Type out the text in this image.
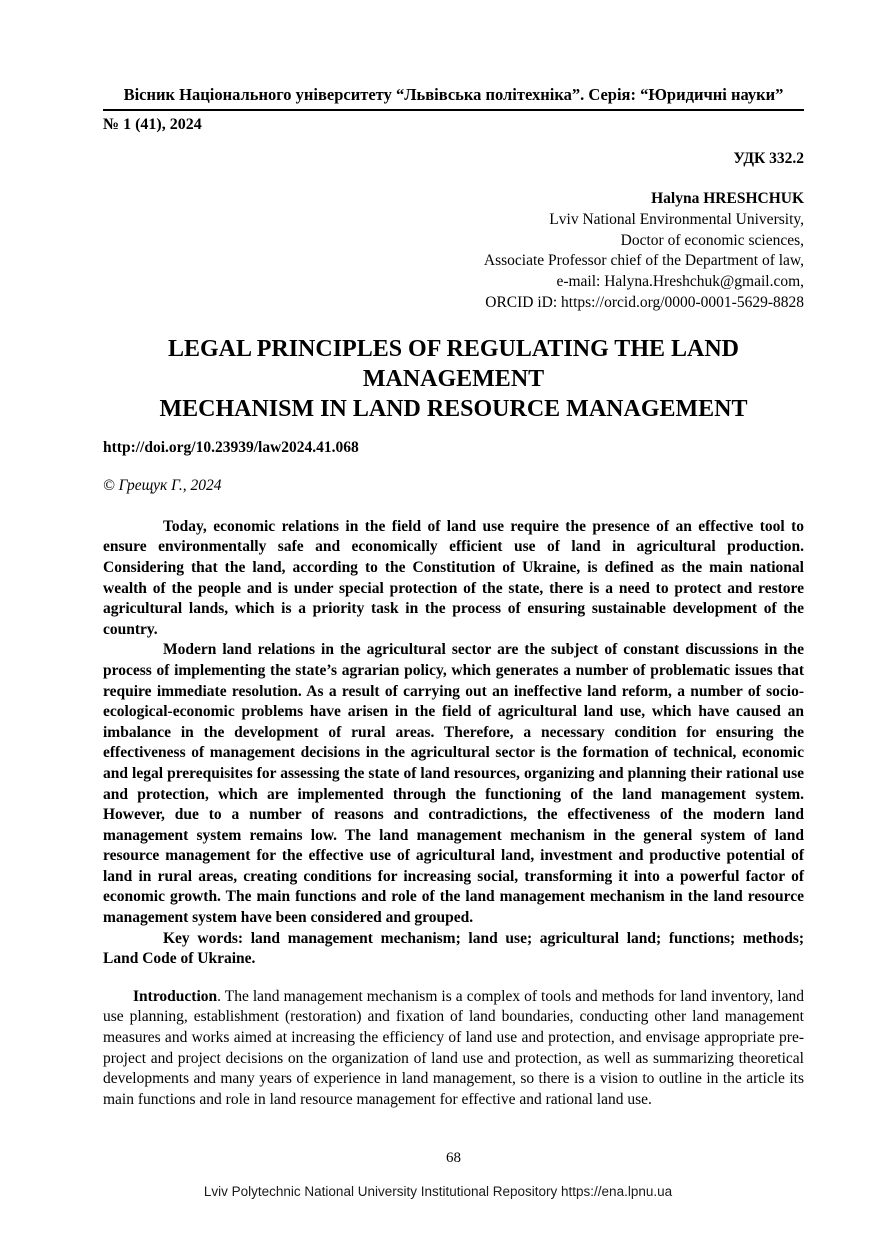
Вісник Національного університету “Львівська політехніка”. Серія: “Юридичні науки”
№ 1 (41), 2024
УДК 332.2
Halyna HRESHCHUK
Lviv National Environmental University,
Doctor of economic sciences,
Associate Professor chief of the Department of law,
e-mail: Halyna.Hreshchuk@gmail.com,
ORCID iD: https://orcid.org/0000-0001-5629-8828
LEGAL PRINCIPLES OF REGULATING THE LAND MANAGEMENT
MECHANISM IN LAND RESOURCE MANAGEMENT
http://doi.org/10.23939/law2024.41.068
© Грещук Г., 2024

Today, economic relations in the field of land use require the presence of an effective tool to ensure environmentally safe and economically efficient use of land in agricultural production. Considering that the land, according to the Constitution of Ukraine, is defined as the main national wealth of the people and is under special protection of the state, there is a need to protect and restore agricultural lands, which is a priority task in the process of ensuring sustainable development of the country.

Modern land relations in the agricultural sector are the subject of constant discussions in the process of implementing the state’s agrarian policy, which generates a number of problematic issues that require immediate resolution. As a result of carrying out an ineffective land reform, a number of socio-ecological-economic problems have arisen in the field of agricultural land use, which have caused an imbalance in the development of rural areas. Therefore, a necessary condition for ensuring the effectiveness of management decisions in the agricultural sector is the formation of technical, economic and legal prerequisites for assessing the state of land resources, organizing and planning their rational use and protection, which are implemented through the functioning of the land management system. However, due to a number of reasons and contradictions, the effectiveness of the modern land management system remains low. The land management mechanism in the general system of land resource management for the effective use of agricultural land, investment and productive potential of land in rural areas, creating conditions for increasing social, transforming it into a powerful factor of economic growth. The main functions and role of the land management mechanism in the land resource management system have been considered and grouped.

Key words: land management mechanism; land use; agricultural land; functions; methods; Land Code of Ukraine.

Introduction. The land management mechanism is a complex of tools and methods for land inventory, land use planning, establishment (restoration) and fixation of land boundaries, conducting other land management measures and works aimed at increasing the efficiency of land use and protection, and envisage appropriate pre-project and project decisions on the organization of land use and protection, as well as summarizing theoretical developments and many years of experience in land management, so there is a vision to outline in the article its main functions and role in land resource management for effective and rational land use.

68
Lviv Polytechnic National University Institutional Repository https://ena.lpnu.ua
